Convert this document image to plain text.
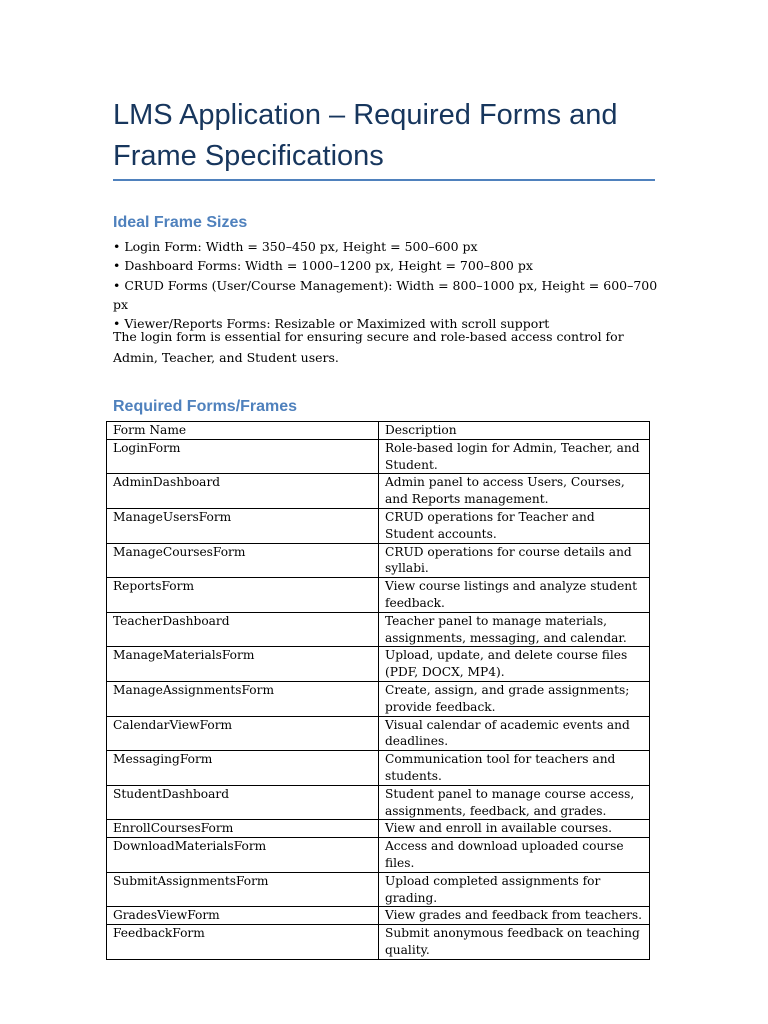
LMS Application – Required Forms and Frame Specifications
Ideal Frame Sizes
• Login Form: Width = 350–450 px, Height = 500–600 px
• Dashboard Forms: Width = 1000–1200 px, Height = 700–800 px
• CRUD Forms (User/Course Management): Width = 800–1000 px, Height = 600–700 px
• Viewer/Reports Forms: Resizable or Maximized with scroll support

The login form is essential for ensuring secure and role-based access control for Admin, Teacher, and Student users.

Required Forms/Frames
Form Name	Description
LoginForm	Role-based login for Admin, Teacher, and Student.
AdminDashboard	Admin panel to access Users, Courses, and Reports management.
ManageUsersForm	CRUD operations for Teacher and Student accounts.
ManageCoursesForm	CRUD operations for course details and syllabi.
ReportsForm	View course listings and analyze student feedback.
TeacherDashboard	Teacher panel to manage materials, assignments, messaging, and calendar.
ManageMaterialsForm	Upload, update, and delete course files (PDF, DOCX, MP4).
ManageAssignmentsForm	Create, assign, and grade assignments; provide feedback.
CalendarViewForm	Visual calendar of academic events and deadlines.
MessagingForm	Communication tool for teachers and students.
StudentDashboard	Student panel to manage course access, assignments, feedback, and grades.
EnrollCoursesForm	View and enroll in available courses.
DownloadMaterialsForm	Access and download uploaded course files.
SubmitAssignmentsForm	Upload completed assignments for grading.
GradesViewForm	View grades and feedback from teachers.
FeedbackForm	Submit anonymous feedback on teaching quality.
